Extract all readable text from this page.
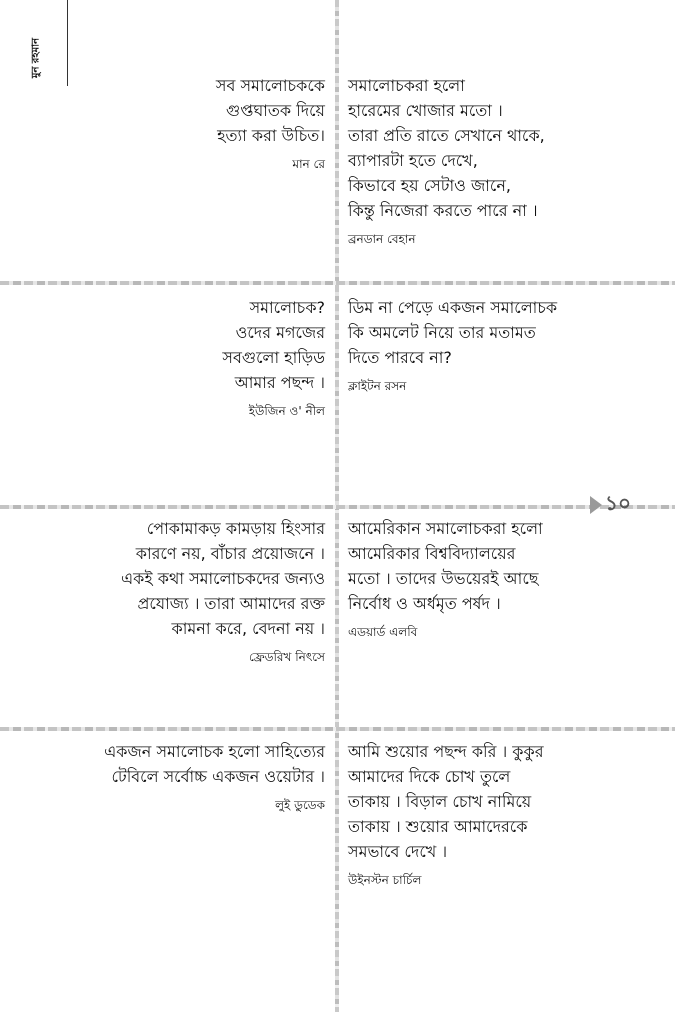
মুন রহমান
১০
সব সমালোচককে
গুপ্তঘাতক দিয়ে
হত্যা করা উচিত।
মান রে
সমালোচকরা হলো
হারেমের খোজার মতো ।
তারা প্রতি রাতে সেখানে থাকে,
ব্যাপারটা হতে দেখে,
কিভাবে হয় সেটাও জানে,
কিন্তু নিজেরা করতে পারে না ।
ব্রনডান বেহান
সমালোচক?
ওদের মগজের
সবগুলো হাড়িড
আমার পছন্দ ।
ইউজিন ও' নীল
ডিম না পেড়ে একজন সমালোচক
কি অমলেট নিয়ে তার মতামত
দিতে পারবে না?
ক্লাইটন রসন
পোকামাকড় কামড়ায় হিংসার
কারণে নয়, বাঁচার প্রয়োজনে ।
একই কথা সমালোচকদের জন্যও
প্রযোজ্য । তারা আমাদের রক্ত
কামনা করে, বেদনা নয় ।
ফ্রেডরিখ নিৎসে
আমেরিকান সমালোচকরা হলো
আমেরিকার বিশ্ববিদ্যালয়ের
মতো । তাদের উভয়েরই আছে
নির্বোধ ও অর্ধমৃত পর্ষদ ।
এডয়ার্ড এলবি
একজন সমালোচক হলো সাহিত্যের
টেবিলে সর্বোচ্চ একজন ওয়েটার ।
লুই ডুডেক
আমি শুয়োর পছন্দ করি । কুকুর
আমাদের দিকে চোখ তুলে
তাকায় । বিড়াল চোখ নামিয়ে
তাকায় । শুয়োর আমাদেরকে
সমভাবে দেখে ।
উইনস্টন চার্চিল
